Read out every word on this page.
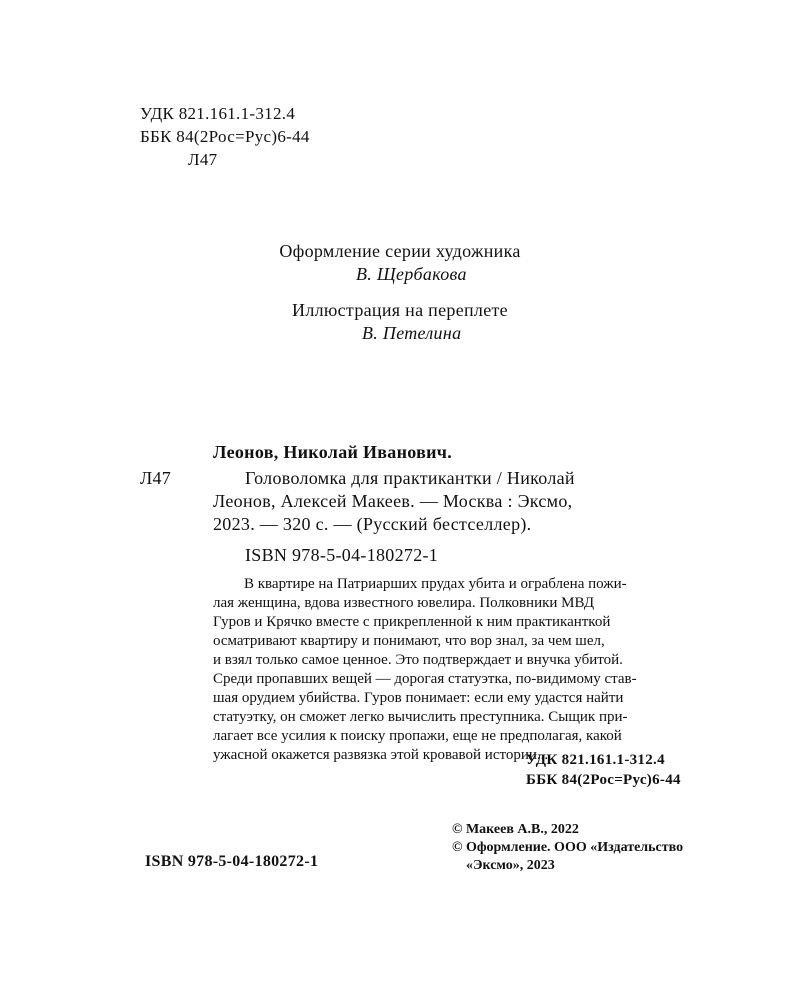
УДК 821.161.1-312.4
ББК 84(2Рос=Рус)6-44
Л47
Оформление серии художника
В. Щербакова
Иллюстрация на переплете
В. Петелина
Леонов, Николай Иванович.
Л47	Головоломка для практикантки / Николай
Леонов, Алексей Макеев. — Москва : Эксмо,
2023. — 320 с. — (Русский бестселлер).
ISBN 978-5-04-180272-1
В квартире на Патриарших прудах убита и ограблена пожи-
лая женщина, вдова известного ювелира. Полковники МВД
Гуров и Крячко вместе с прикрепленной к ним практиканткой
осматривают квартиру и понимают, что вор знал, за чем шел,
и взял только самое ценное. Это подтверждает и внучка убитой.
Среди пропавших вещей — дорогая статуэтка, по-видимому став-
шая орудием убийства. Гуров понимает: если ему удастся найти
статуэтку, он сможет легко вычислить преступника. Сыщик при-
лагает все усилия к поиску пропажи, еще не предполагая, какой
ужасной окажется развязка этой кровавой истории...
УДК 821.161.1-312.4
ББК 84(2Рос=Рус)6-44
© Макеев А.В., 2022
© Оформление. ООО «Издательство
«Эксмо», 2023
ISBN 978-5-04-180272-1
